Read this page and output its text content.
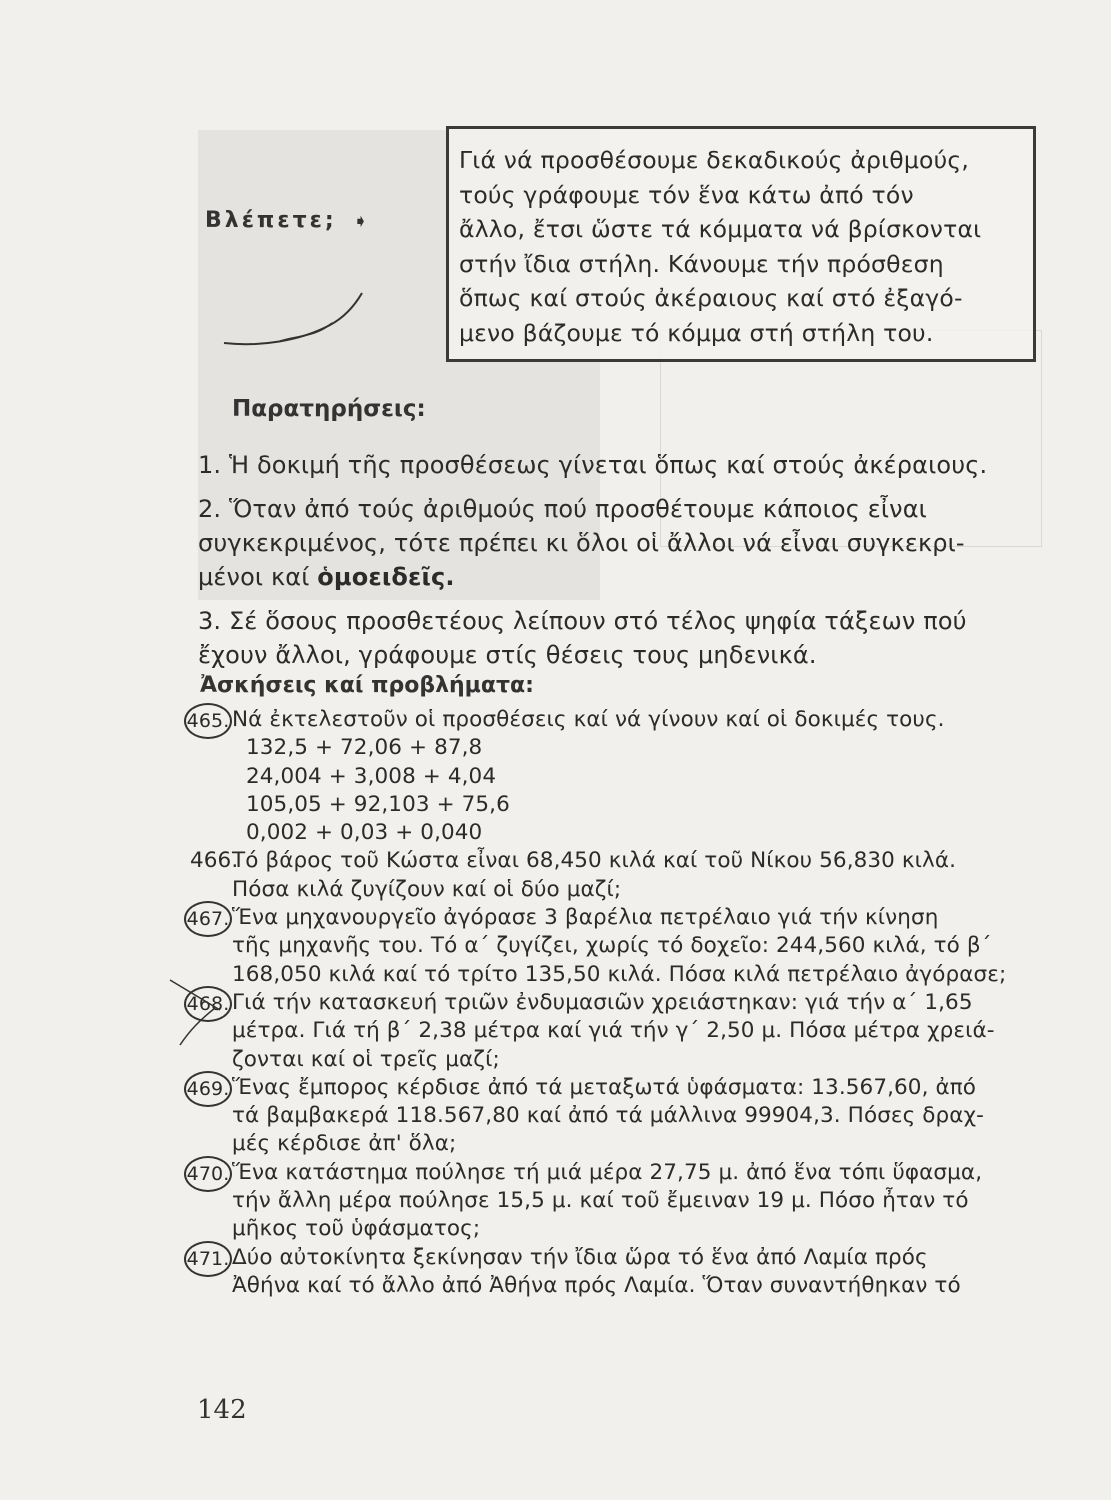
Βλέπετε; ➧
Γιά νά προσθέσουμε δεκαδικούς ἀριθμούς,
τούς γράφουμε τόν ἕνα κάτω ἀπό τόν
ἄλλο, ἔτσι ὥστε τά κόμματα νά βρίσκονται
στήν ἴδια στήλη. Κάνουμε τήν πρόσθεση
ὅπως καί στούς ἀκέραιους καί στό ἐξαγό-
μενο βάζουμε τό κόμμα στή στήλη του.
Παρατηρήσεις:
1. Ἡ δοκιμή τῆς προσθέσεως γίνεται ὅπως καί στούς ἀκέραιους.
2. Ὅταν ἀπό τούς ἀριθμούς πού προσθέτουμε κάποιος εἶναι
συγκεκριμένος, τότε πρέπει κι ὅλοι οἱ ἄλλοι νά εἶναι συγκεκρι-
μένοι καί ὁμοειδεῖς.
3. Σέ ὅσους προσθετέους λείπουν στό τέλος ψηφία τάξεων πού
ἔχουν ἄλλοι, γράφουμε στίς θέσεις τους μηδενικά.
Ἀσκήσεις καί προβλήματα:
465. Νά ἐκτελεστοῦν οἱ προσθέσεις καί νά γίνουν καί οἱ δοκιμές τους.
132,5 + 72,06 + 87,8
24,004 + 3,008 + 4,04
105,05 + 92,103 + 75,6
0,002 + 0,03 + 0,040
466.
Τό βάρος τοῦ Κώστα εἶναι 68,450 κιλά καί τοῦ Νίκου 56,830 κιλά.
Πόσα κιλά ζυγίζουν καί οἱ δύο μαζί;
467. Ἕνα μηχανουργεῖο ἀγόρασε 3 βαρέλια πετρέλαιο γιά τήν κίνηση
τῆς μηχανῆς του. Τό α΄ ζυγίζει, χωρίς τό δοχεῖο: 244,560 κιλά, τό β΄
168,050 κιλά καί τό τρίτο 135,50 κιλά. Πόσα κιλά πετρέλαιο ἀγόρασε;
468. Γιά τήν κατασκευή τριῶν ἐνδυμασιῶν χρειάστηκαν: γιά τήν α΄ 1,65
μέτρα. Γιά τή β΄ 2,38 μέτρα καί γιά τήν γ΄ 2,50 μ. Πόσα μέτρα χρειά-
ζονται καί οἱ τρεῖς μαζί;
469. Ἕνας ἔμπορος κέρδισε ἀπό τά μεταξωτά ὑφάσματα: 13.567,60, ἀπό
τά βαμβακερά 118.567,80 καί ἀπό τά μάλλινα 99904,3. Πόσες δραχ-
μές κέρδισε ἀπ' ὅλα;
470. Ἕνα κατάστημα πούλησε τή μιά μέρα 27,75 μ. ἀπό ἕνα τόπι ὕφασμα,
τήν ἄλλη μέρα πούλησε 15,5 μ. καί τοῦ ἔμειναν 19 μ. Πόσο ἦταν τό
μῆκος τοῦ ὑφάσματος;
471. Δύο αὐτοκίνητα ξεκίνησαν τήν ἴδια ὥρα τό ἕνα ἀπό Λαμία πρός
Ἀθήνα καί τό ἄλλο ἀπό Ἀθήνα πρός Λαμία. Ὅταν συναντήθηκαν τό
142
